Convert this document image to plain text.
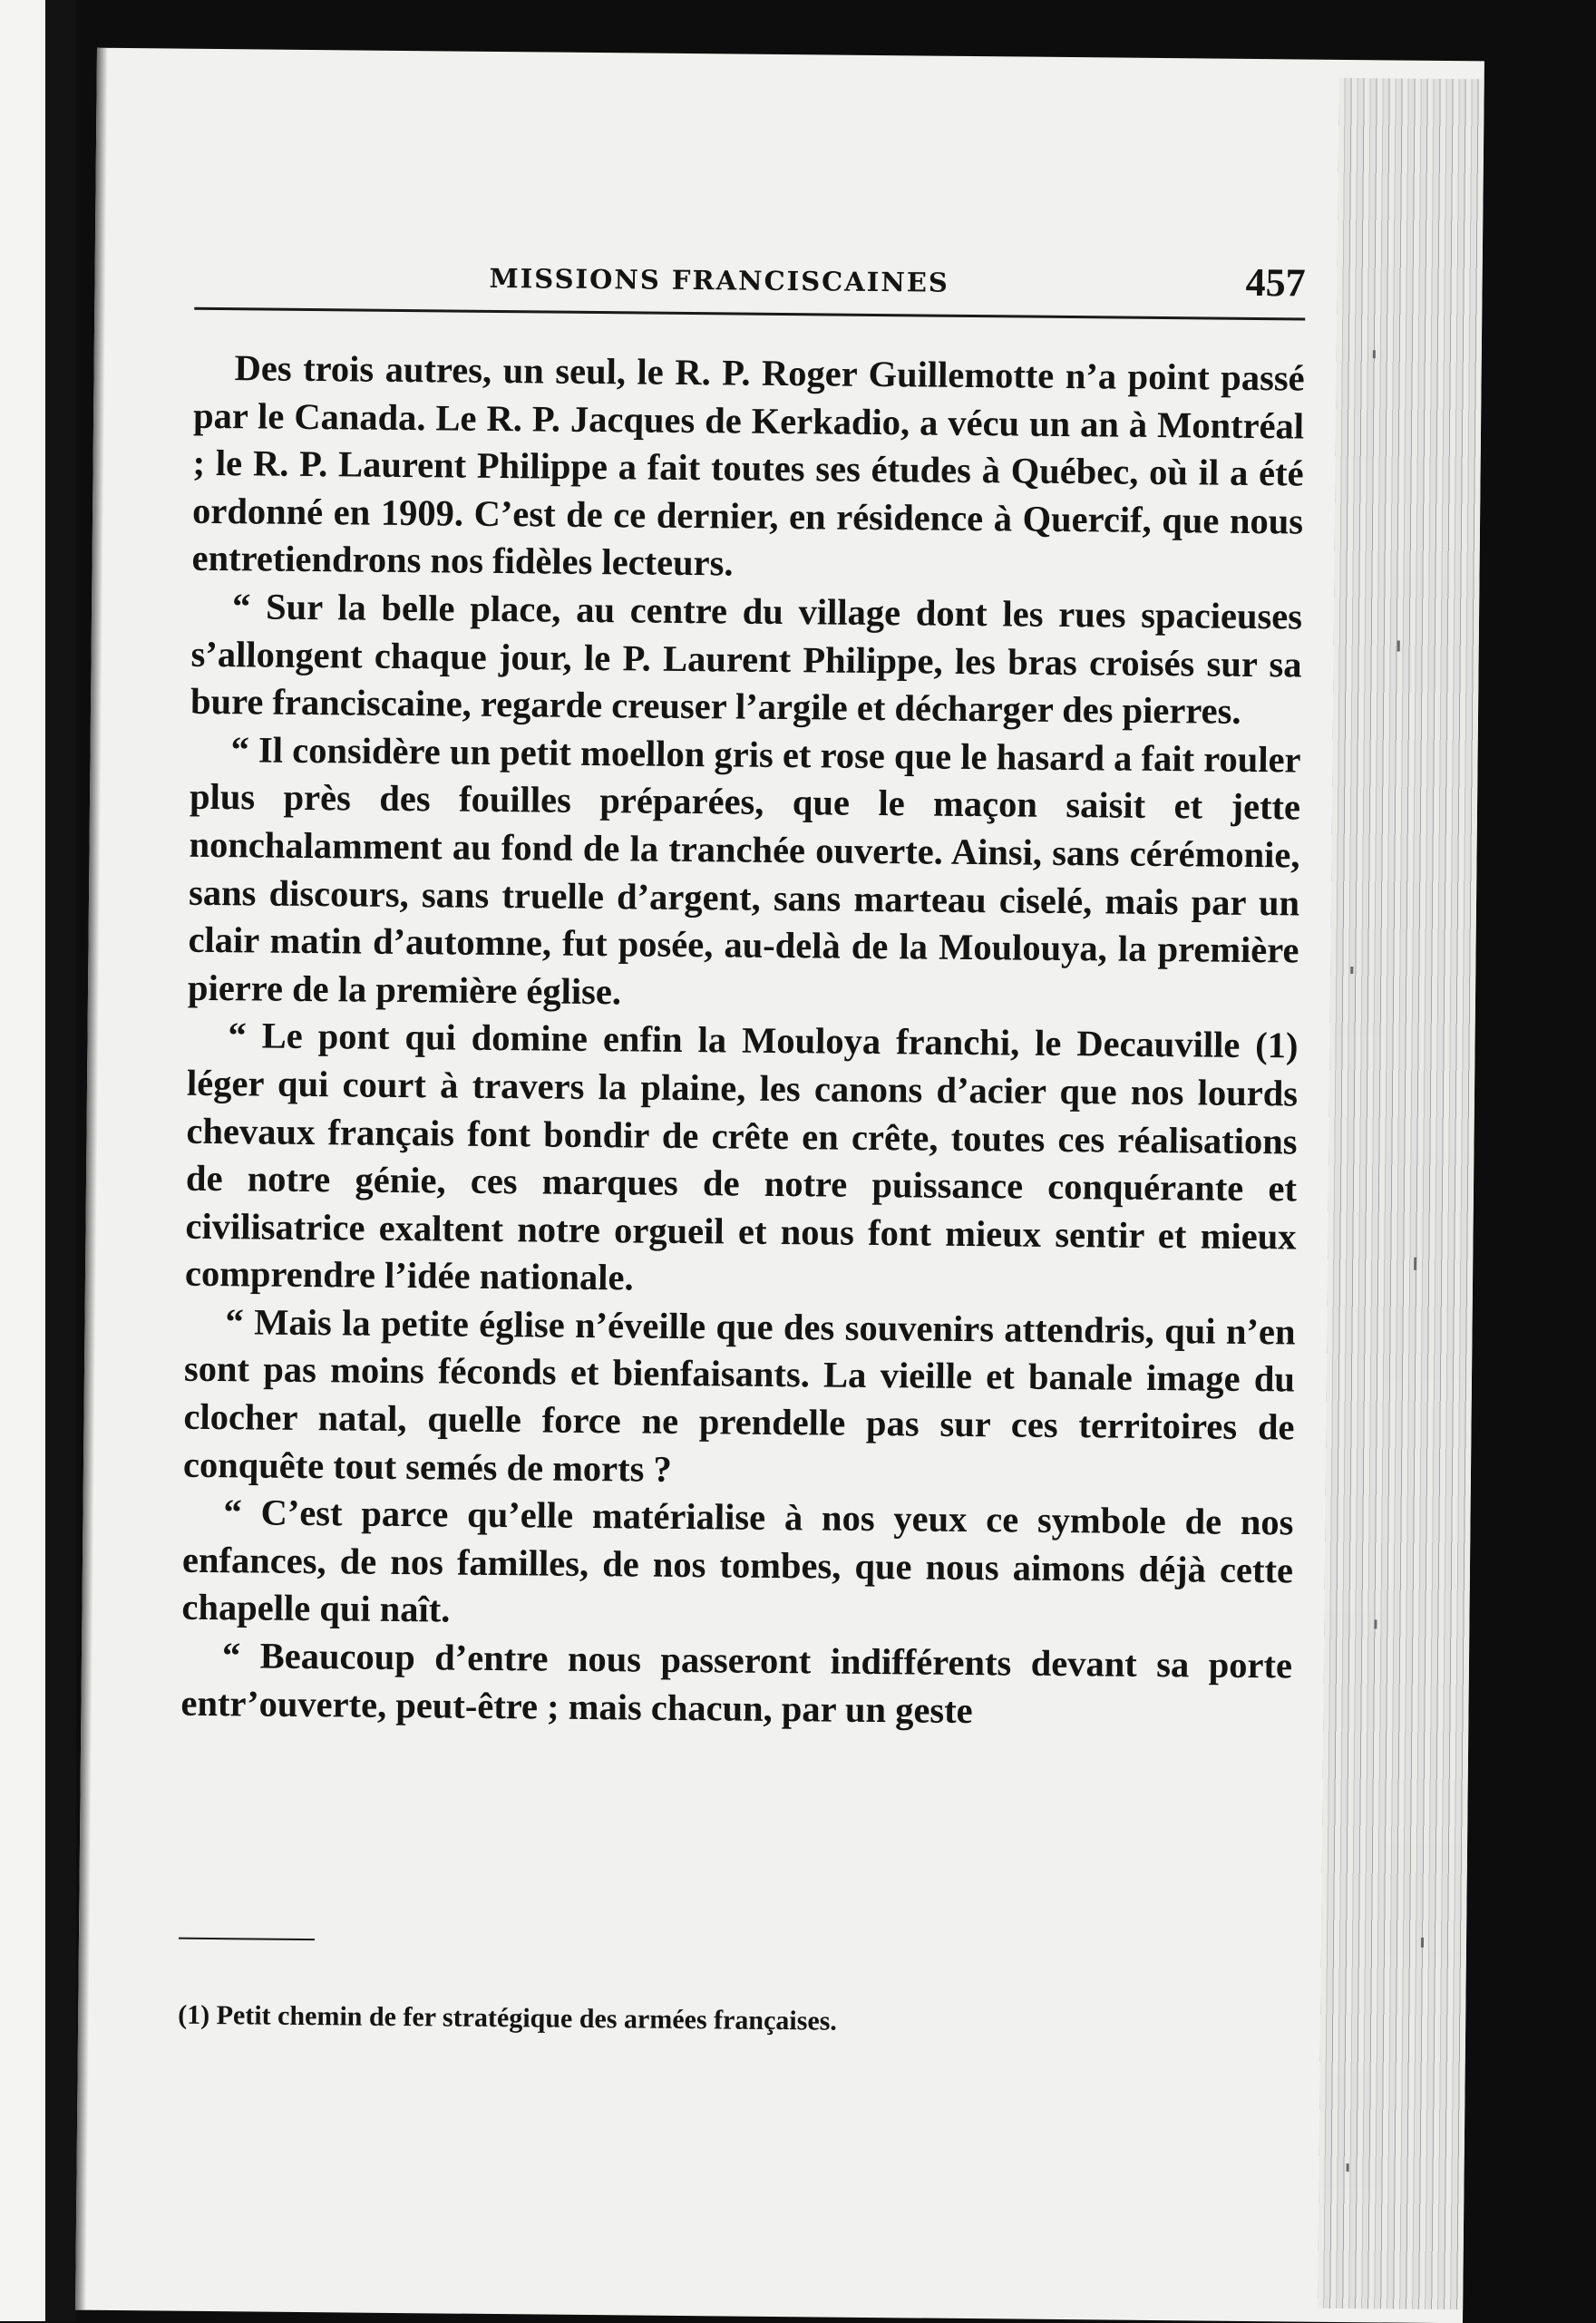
MISSIONS FRANCISCAINES	457

Des trois autres, un seul, le R. P. Roger Guillemotte n’a point passé par le Canada. Le R. P. Jacques de Kerkadio, a vécu un an à Montréal ; le R. P. Laurent Philippe a fait toutes ses études à Québec, où il a été ordonné en 1909. C’est de ce dernier, en résidence à Quercif, que nous entretiendrons nos fidèles lecteurs.

“ Sur la belle place, au centre du village dont les rues spacieuses s’allongent chaque jour, le P. Laurent Philippe, les bras croisés sur sa bure franciscaine, regarde creuser l’argile et décharger des pierres.

“ Il considère un petit moellon gris et rose que le hasard a fait rouler plus près des fouilles préparées, que le maçon saisit et jette nonchalamment au fond de la tranchée ouverte. Ainsi, sans cérémonie, sans discours, sans truelle d’argent, sans marteau ciselé, mais par un clair matin d’automne, fut posée, au-delà de la Moulouya, la première pierre de la première église.

“ Le pont qui domine enfin la Mouloya franchi, le Decauville (1) léger qui court à travers la plaine, les canons d’acier que nos lourds chevaux français font bondir de crête en crête, toutes ces réalisations de notre génie, ces marques de notre puissance conquérante et civilisatrice exaltent notre orgueil et nous font mieux sentir et mieux comprendre l’idée nationale.

“ Mais la petite église n’éveille que des souvenirs attendris, qui n’en sont pas moins féconds et bienfaisants. La vieille et banale image du clocher natal, quelle force ne prendelle pas sur ces territoires de conquête tout semés de morts ?

“ C’est parce qu’elle matérialise à nos yeux ce symbole de nos enfances, de nos familles, de nos tombes, que nous aimons déjà cette chapelle qui naît.

“ Beaucoup d’entre nous passeront indifférents devant sa porte entr’ouverte, peut-être ; mais chacun, par un geste

(1) Petit chemin de fer stratégique des armées françaises.
